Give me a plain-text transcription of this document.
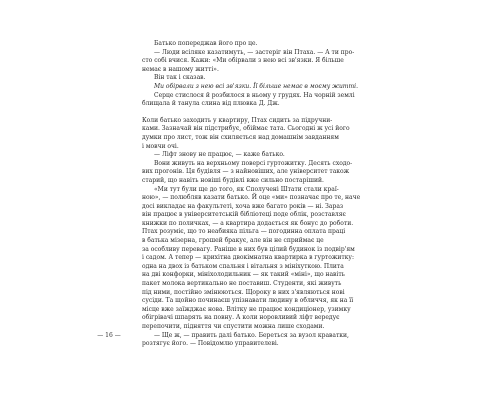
Батько попереджав його про це.
— Люди всіляке казатимуть, — застеріг він Птаха. — А ти про-
сто собі вчися. Кажи: «Ми обірвали з нею всі зв'язки. Я більше
немає в нашому житті».
Він так і сказав.
Ми обірвали з нею всі зв'язки. Її більше немає в моєму житті.
Серце стислося й розбилося в ньому у грудях. На чорній землі
блищала й танула слина від плювка Д. Дж.
Коли батько заходить у квартиру, Птах сидить за підручни-
ками. Зазначай він підстрибує, обіймає тата. Сьогодні ж усі його
думки про лист, тож він схиляється над домашнім завданням
і мовчи очі.
— Ліфт знову не працює, — каже батько.
Вони живуть на верхньому поверсі гуртожитку. Десять сходо-
вих прогонів. Ця будівля — з найновіших, але університет також
старий, що навіть новіші будівлі вже сильно постаріший.
«Ми тут були ще до того, як Сполучені Штати стали краї-
ною», — полюбляв казати батько. Й оце «ми» позначає про те, наче
досі викладає на факультеті, хоча вже багато років — ні. Зараз
він працює в університетській бібліотеці поде облік, розставляє
книжки по поличках, — а квартира додається як бонус до роботи.
Птах розуміє, що то неабияка пільга — погодинна оплата праці
в батька мізерна, грошей бракує, але він не сприймає це
за особливу перевагу. Раніше в них був цілий будинок із подвір'ям
і садом. А тепер — крихітна двокімнатна квартирка в гуртожитку:
одна на двох із батьком спальня і вітальня з мініхуткою. Плита
на дві конфорки, мініхолодильник — як такий «міні», що навіть
пакет молока вертикально не поставиш. Студенти, які живуть
під ними, постійно змінюються. Щороку в них з'являються нові
сусіди. Та щойно починаєш упізнавати людину в обличчя, як на її
місце вже заїжджає нова. Влітку не працює кондиціонер, узимку
обігрівачі шпарять на повну. А коли норовливий ліфт вередує
перепочити, підняття чи спустити можна лише сходами.
— Ще ж, — править далі батько. Береться за вузол краватки,
розтягує його. — Повідомлю управителеві.
— 16 —
